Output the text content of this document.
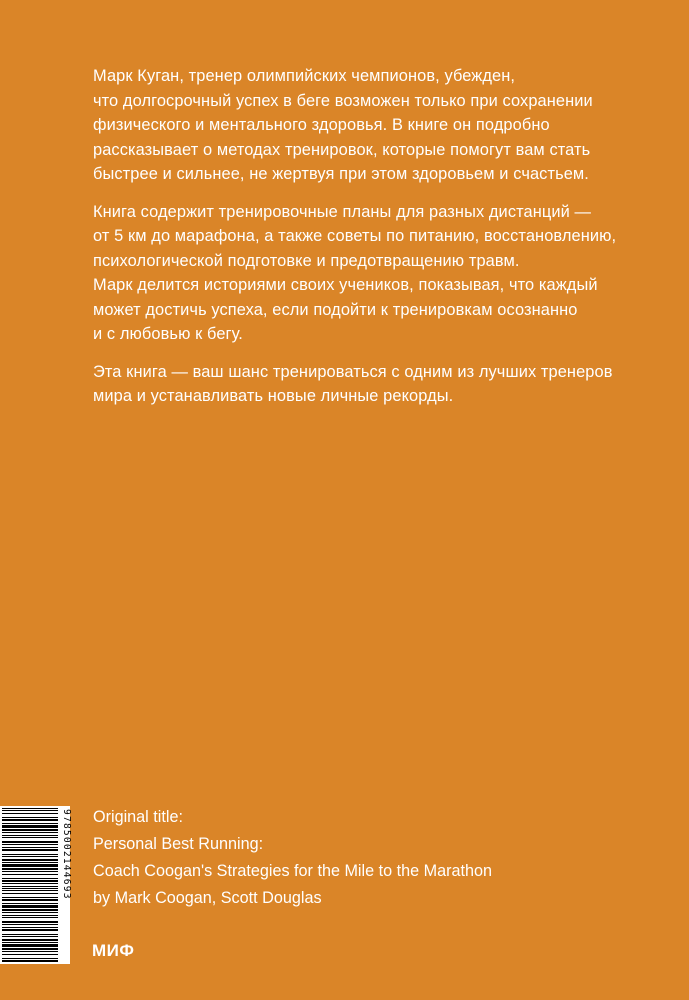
Марк Куган, тренер олимпийских чемпионов, убежден,
что долгосрочный успех в беге возможен только при сохранении
физического и ментального здоровья. В книге он подробно
рассказывает о методах тренировок, которые помогут вам стать
быстрее и сильнее, не жертвуя при этом здоровьем и счастьем.

Книга содержит тренировочные планы для разных дистанций —
от 5 км до марафона, а также советы по питанию, восстановлению,
психологической подготовке и предотвращению травм.
Марк делится историями своих учеников, показывая, что каждый
может достичь успеха, если подойти к тренировкам осознанно
и с любовью к бегу.

Эта книга — ваш шанс тренироваться с одним из лучших тренеров
мира и устанавливать новые личные рекорды.

Original title:
Personal Best Running:
Coach Coogan's Strategies for the Mile to the Marathon
by Mark Coogan, Scott Douglas
9785002144693
МИФ
